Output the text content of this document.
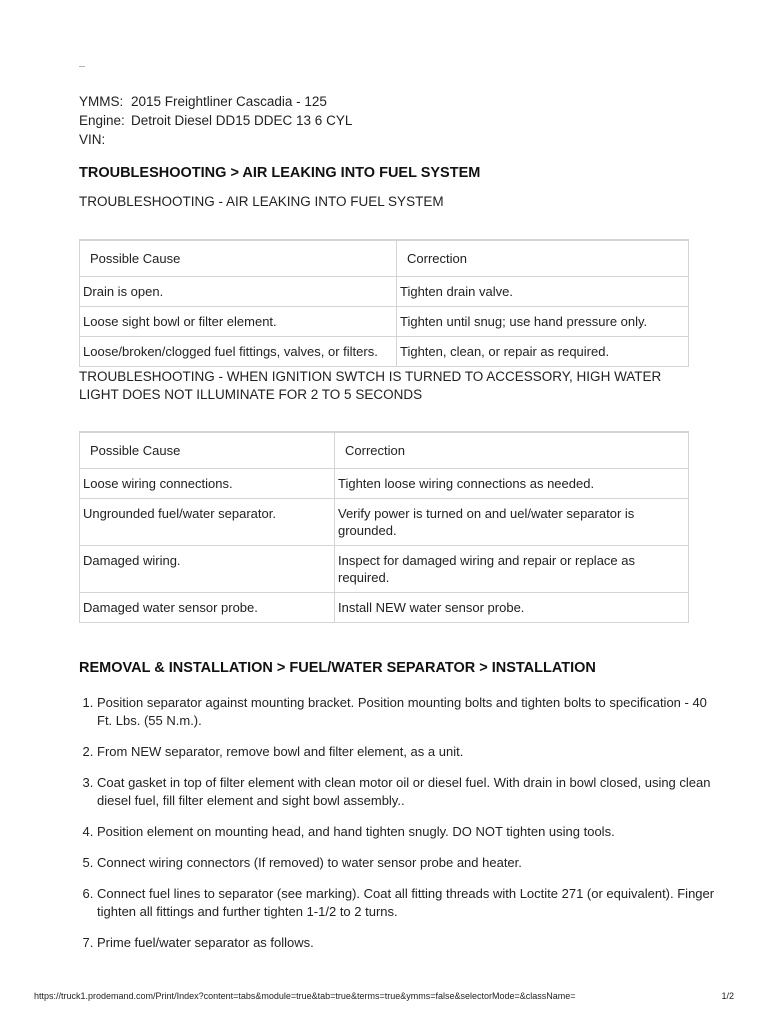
—
YMMS: 2015 Freightliner Cascadia - 125
Engine: Detroit Diesel DD15 DDEC 13 6 CYL
VIN:
TROUBLESHOOTING > AIR LEAKING INTO FUEL SYSTEM
TROUBLESHOOTING - AIR LEAKING INTO FUEL SYSTEM
Possible Cause	Correction
Drain is open.	Tighten drain valve.
Loose sight bowl or filter element.	Tighten until snug; use hand pressure only.
Loose/broken/clogged fuel fittings, valves, or filters.	Tighten, clean, or repair as required.
TROUBLESHOOTING - WHEN IGNITION SWTCH IS TURNED TO ACCESSORY, HIGH WATER LIGHT DOES NOT ILLUMINATE FOR 2 TO 5 SECONDS
Possible Cause	Correction
Loose wiring connections.	Tighten loose wiring connections as needed.
Ungrounded fuel/water separator.	Verify power is turned on and uel/water separator is grounded.
Damaged wiring.	Inspect for damaged wiring and repair or replace as required.
Damaged water sensor probe.	Install NEW water sensor probe.
REMOVAL & INSTALLATION > FUEL/WATER SEPARATOR > INSTALLATION
1. Position separator against mounting bracket. Position mounting bolts and tighten bolts to specification - 40 Ft. Lbs. (55 N.m.).
2. From NEW separator, remove bowl and filter element, as a unit.
3. Coat gasket in top of filter element with clean motor oil or diesel fuel. With drain in bowl closed, using clean diesel fuel, fill filter element and sight bowl assembly..
4. Position element on mounting head, and hand tighten snugly. DO NOT tighten using tools.
5. Connect wiring connectors (If removed) to water sensor probe and heater.
6. Connect fuel lines to separator (see marking). Coat all fitting threads with Loctite 271 (or equivalent). Finger tighten all fittings and further tighten 1-1/2 to 2 turns.
7. Prime fuel/water separator as follows.
https://truck1.prodemand.com/Print/Index?content=tabs&module=true&tab=true&terms=true&ymms=false&selectorMode=&className=	1/2
